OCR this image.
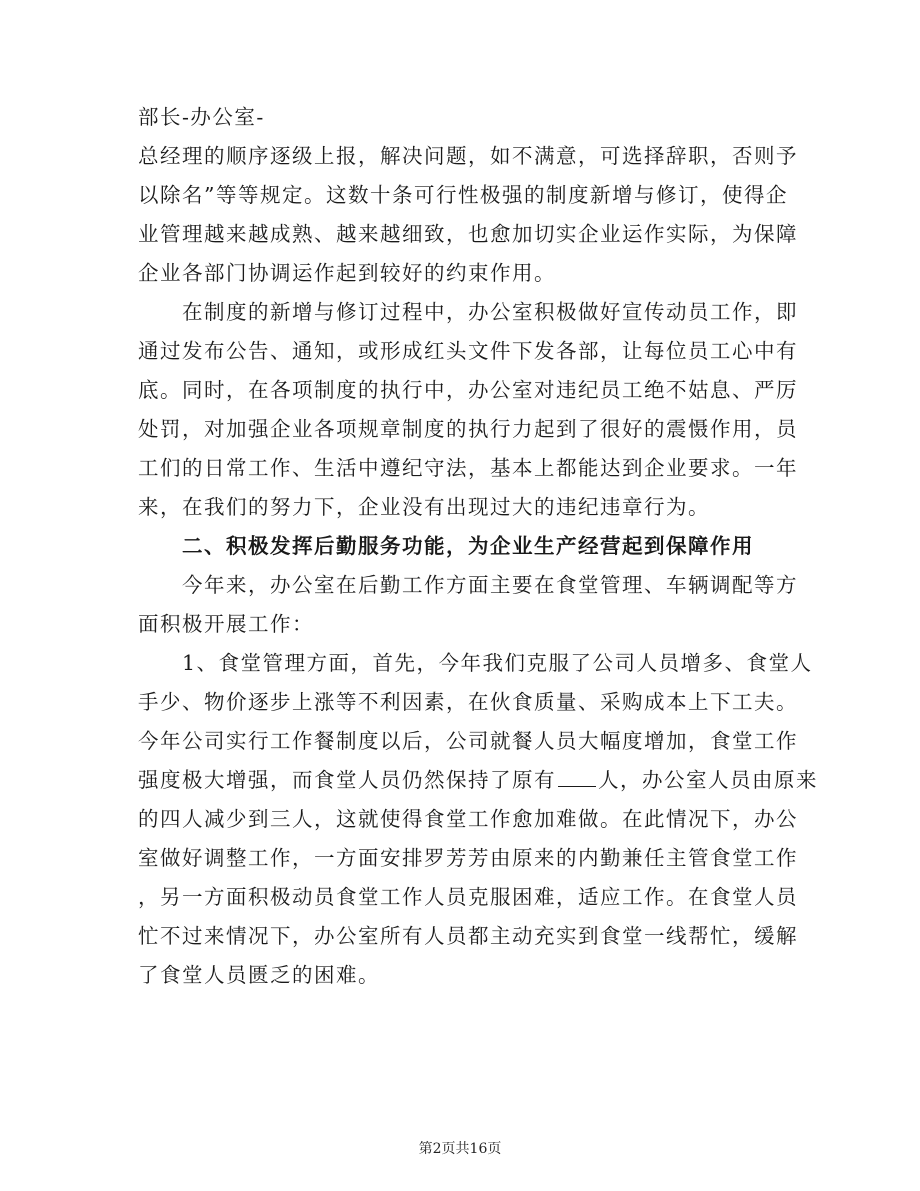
部长-办公室-
总经理的顺序逐级上报，解决问题，如不满意，可选择辞职，否则予
以除名”等等规定。这数十条可行性极强的制度新增与修订，使得企
业管理越来越成熟、越来越细致，也愈加切实企业运作实际，为保障
企业各部门协调运作起到较好的约束作用。
在制度的新增与修订过程中，办公室积极做好宣传动员工作，即
通过发布公告、通知，或形成红头文件下发各部，让每位员工心中有
底。同时，在各项制度的执行中，办公室对违纪员工绝不姑息、严厉
处罚，对加强企业各项规章制度的执行力起到了很好的震慑作用，员
工们的日常工作、生活中遵纪守法，基本上都能达到企业要求。一年
来，在我们的努力下，企业没有出现过大的违纪违章行为。
二、积极发挥后勤服务功能，为企业生产经营起到保障作用
今年来，办公室在后勤工作方面主要在食堂管理、车辆调配等方
面积极开展工作：
1、食堂管理方面，首先，今年我们克服了公司人员增多、食堂人
手少、物价逐步上涨等不利因素，在伙食质量、采购成本上下工夫。
今年公司实行工作餐制度以后，公司就餐人员大幅度增加，食堂工作
强度极大增强，而食堂人员仍然保持了原有 人，办公室人员由原来
的四人减少到三人，这就使得食堂工作愈加难做。在此情况下，办公
室做好调整工作，一方面安排罗芳芳由原来的内勤兼任主管食堂工作
，另一方面积极动员食堂工作人员克服困难，适应工作。在食堂人员
忙不过来情况下，办公室所有人员都主动充实到食堂一线帮忙，缓解
了食堂人员匮乏的困难。
第2页共16页
